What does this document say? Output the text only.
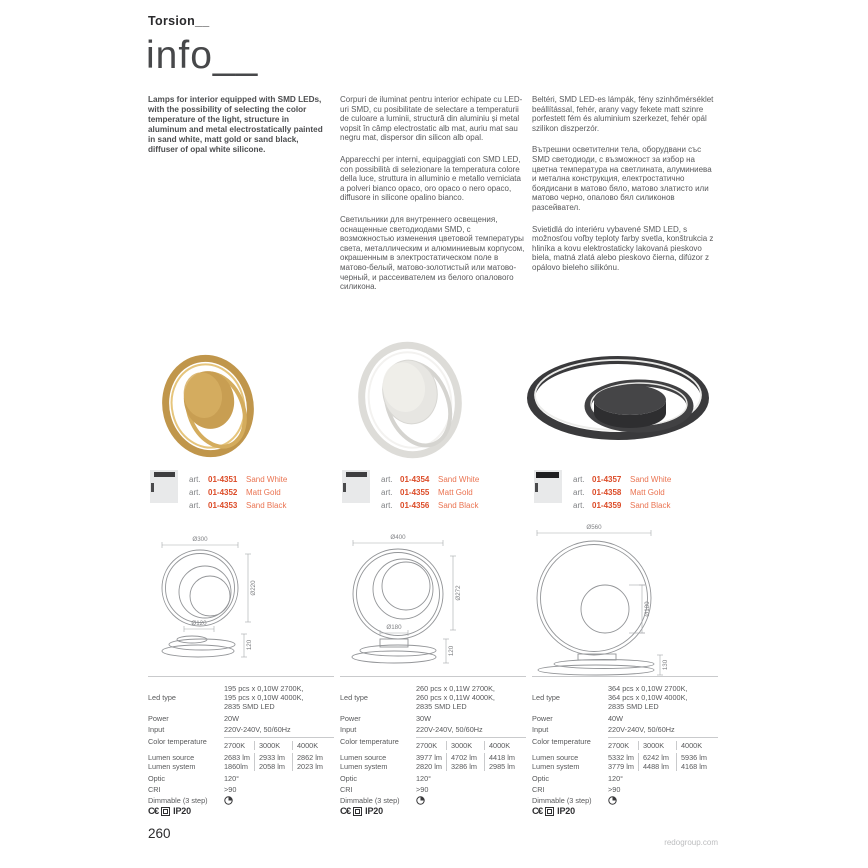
Torsion__
info__

Lamps for interior equipped with SMD LEDs, with the possibility of selecting the color temperature of the light, structure in aluminum and metal electrostatically painted in sand white, matt gold or sand black, diffuser of opal white silicone.

art. 01-4351 Sand White
art. 01-4352 Matt Gold
art. 01-4353 Sand Black
Ø300
Ø220
Ø120
120
Led type
195 pcs x 0,10W 2700K,
195 pcs x 0,10W 4000K,
2835 SMD LED
Power	20W
Input	220V-240V, 50/60Hz
Color temperature	2700K	3000K	4000K
Lumen source	2683 lm	2933 lm	2862 lm
Lumen system	1860lm	2058 lm	2023 lm
Optic	120°
CRI	>90
Dimmable (3 step)
C€ IP20

Corpuri de iluminat pentru interior echipate cu LED-uri SMD, cu posibilitate de selectare a temperaturii de culoare a luminii, structură din aluminiu și metal vopsit în câmp electrostatic alb mat, auriu mat sau negru mat, dispersor din silicon alb opal.

Apparecchi per interni, equipaggiati con SMD LED, con possibilità di selezionare la temperatura colore della luce, struttura in alluminio e metallo verniciata a polveri bianco opaco, oro opaco o nero opaco, diffusore in silicone opalino bianco.

Светильники для внутреннего освещения, оснащенные светодиодами SMD, с возможностью изменения цветовой температуры света, металлическим и алюминиевым корпусом, окрашенным в электростатическом поле в матово-белый, матово-золотистый или матово-черный, и рассеивателем из белого опалового силикона.

art. 01-4354 Sand White
art. 01-4355 Matt Gold
art. 01-4356 Sand Black
Ø400
Ø272
Ø180
120
Led type
260 pcs x 0,11W 2700K,
260 pcs x 0,11W 4000K,
2835 SMD LED
Power	30W
Input	220V-240V, 50/60Hz
Color temperature	2700K	3000K	4000K
Lumen source	3977 lm	4702 lm	4418 lm
Lumen system	2820 lm	3286 lm	2985 lm
Optic	120°
CRI	>90
Dimmable (3 step)
C€ IP20

Beltéri, SMD LED-es lámpák, fény szinhőmérséklet beállítással, fehér, arany vagy fekete matt szinre porfestett fém és aluminium szerkezet, fehér opál szilikon diszperzór.

Вътрешни осветителни тела, оборудвани със SMD светодиоди, с възможност за избор на цветна температура на светлината, алуминиева и метална конструкция, електростатично боядисани в матово бяло, матово златисто или матово черно, опалово бял силиконов разсейвател.

Svietidlá do interiéru vybavené SMD LED, s možnosťou voľby teploty farby svetla, konštrukcia z hliníka a kovu elektrostaticky lakovaná pieskovo biela, matná zlatá alebo pieskovo čierna, difúzor z opálovo bieleho silikónu.

art. 01-4357 Sand White
art. 01-4358 Matt Gold
art. 01-4359 Sand Black
Ø560
Ø180
130
Led type
364 pcs x 0,10W 2700K,
364 pcs x 0,10W 4000K,
2835 SMD LED
Power	40W
Input	220V-240V, 50/60Hz
Color temperature	2700K	3000K	4000K
Lumen source	5332 lm	6242 lm	5936 lm
Lumen system	3779 lm	4488 lm	4168 lm
Optic	120°
CRI	>90
Dimmable (3 step)
C€ IP20
260
redogroup.com
